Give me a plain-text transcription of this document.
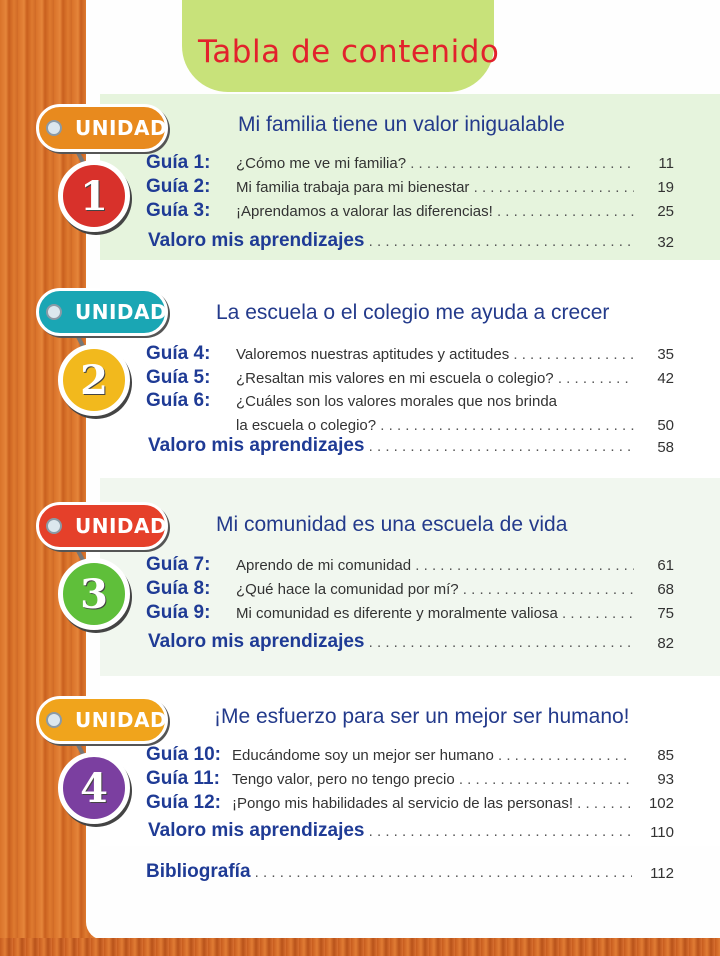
Tabla de contenido
UNIDAD
1
Mi familia tiene un valor inigualable
Guía 1: ¿Cómo me ve mi familia? . . .	11
Guía 2: Mi familia trabaja para mi bienestar . . .	19
Guía 3: ¡Aprendamos a valorar las diferencias! . . .	25
Valoro mis aprendizajes . . .	32
UNIDAD
2
La escuela o el colegio me ayuda a crecer
Guía 4: Valoremos nuestras aptitudes y actitudes . . .	35
Guía 5: ¿Resaltan mis valores en mi escuela o colegio? . . .	42
Guía 6: ¿Cuáles son los valores morales que nos brinda
la escuela o colegio? . . .	50
Valoro mis aprendizajes . . .	58
UNIDAD
3
Mi comunidad es una escuela de vida
Guía 7: Aprendo de mi comunidad . . .	61
Guía 8: ¿Qué hace la comunidad por mí? . . .	68
Guía 9: Mi comunidad es diferente y moralmente valiosa . . .	75
Valoro mis aprendizajes . . .	82
UNIDAD
4
¡Me esfuerzo para ser un mejor ser humano!
Guía 10: Educándome soy un mejor ser humano . . .	85
Guía 11: Tengo valor, pero no tengo precio . . .	93
Guía 12: ¡Pongo mis habilidades al servicio de las personas! . . .	102
Valoro mis aprendizajes . . .	110
Bibliografía . . .	112
